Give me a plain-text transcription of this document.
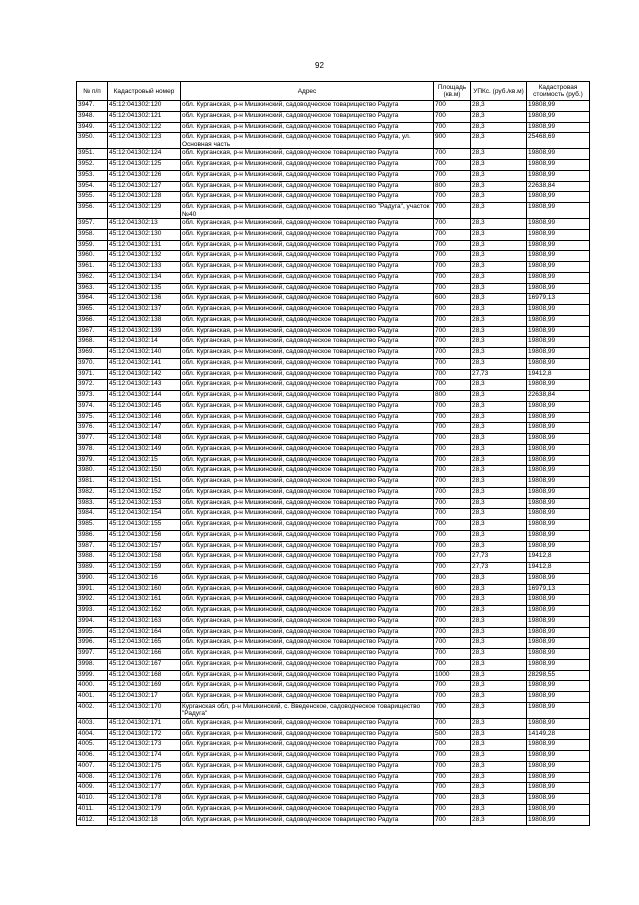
92
№ п/п	Кадастровый номер	Адрес	Площадь (кв.м)	УПКс. (руб./кв.м)	Кадастровая стоимость (руб.)
3947.	45:12:041302:120	обл. Курганская, р-н Мишкинский, садоводческое товарищество Радуга	700	28,3	19808,99
3948.	45:12:041302:121	обл. Курганская, р-н Мишкинский, садоводческое товарищество Радуга	700	28,3	19808,99
3949.	45:12:041302:122	обл. Курганская, р-н Мишкинский, садоводческое товарищество Радуга	700	28,3	19808,99
3950.	45:12:041302:123	обл. Курганская, р-н Мишкинский, садоводческое товарищество Радуга, ул. Основная часть	900	28,3	25468,69
3951.	45:12:041302:124	обл. Курганская, р-н Мишкинский, садоводческое товарищество Радуга	700	28,3	19808,99
3952.	45:12:041302:125	обл. Курганская, р-н Мишкинский, садоводческое товарищество Радуга	700	28,3	19808,99
3953.	45:12:041302:126	обл. Курганская, р-н Мишкинский, садоводческое товарищество Радуга	700	28,3	19808,99
3954.	45:12:041302:127	обл. Курганская, р-н Мишкинский, садоводческое товарищество Радуга	800	28,3	22638,84
3955.	45:12:041302:128	обл. Курганская, р-н Мишкинский, садоводческое товарищество Радуга	700	28,3	19808,99
3956.	45:12:041302:129	обл. Курганская, р-н Мишкинский, садоводческое товарищество "Радуга", участок №40	700	28,3	19808,99
3957.	45:12:041302:13	обл. Курганская, р-н Мишкинский, садоводческое товарищество Радуга	700	28,3	19808,99
3958.	45:12:041302:130	обл. Курганская, р-н Мишкинский, садоводческое товарищество Радуга	700	28,3	19808,99
3959.	45:12:041302:131	обл. Курганская, р-н Мишкинский, садоводческое товарищество Радуга	700	28,3	19808,99
3960.	45:12:041302:132	обл. Курганская, р-н Мишкинский, садоводческое товарищество Радуга	700	28,3	19808,99
3961.	45:12:041302:133	обл. Курганская, р-н Мишкинский, садоводческое товарищество Радуга	700	28,3	19808,99
3962.	45:12:041302:134	обл. Курганская, р-н Мишкинский, садоводческое товарищество Радуга	700	28,3	19808,99
3963.	45:12:041302:135	обл. Курганская, р-н Мишкинский, садоводческое товарищество Радуга	700	28,3	19808,99
3964.	45:12:041302:136	обл. Курганская, р-н Мишкинский, садоводческое товарищество Радуга	600	28,3	16979,13
3965.	45:12:041302:137	обл. Курганская, р-н Мишкинский, садоводческое товарищество Радуга	700	28,3	19808,99
3966.	45:12:041302:138	обл. Курганская, р-н Мишкинский, садоводческое товарищество Радуга	700	28,3	19808,99
3967.	45:12:041302:139	обл. Курганская, р-н Мишкинский, садоводческое товарищество Радуга	700	28,3	19808,99
3968.	45:12:041302:14	обл. Курганская, р-н Мишкинский, садоводческое товарищество Радуга	700	28,3	19808,99
3969.	45:12:041302:140	обл. Курганская, р-н Мишкинский, садоводческое товарищество Радуга	700	28,3	19808,99
3970.	45:12:041302:141	обл. Курганская, р-н Мишкинский, садоводческое товарищество Радуга	700	28,3	19808,99
3971.	45:12:041302:142	обл. Курганская, р-н Мишкинский, садоводческое товарищество Радуга	700	27,73	19412,8
3972.	45:12:041302:143	обл. Курганская, р-н Мишкинский, садоводческое товарищество Радуга	700	28,3	19808,99
3973.	45:12:041302:144	обл. Курганская, р-н Мишкинский, садоводческое товарищество Радуга	800	28,3	22638,84
3974.	45:12:041302:145	обл. Курганская, р-н Мишкинский, садоводческое товарищество Радуга	700	28,3	19808,99
3975.	45:12:041302:146	обл. Курганская, р-н Мишкинский, садоводческое товарищество Радуга	700	28,3	19808,99
3976.	45:12:041302:147	обл. Курганская, р-н Мишкинский, садоводческое товарищество Радуга	700	28,3	19808,99
3977.	45:12:041302:148	обл. Курганская, р-н Мишкинский, садоводческое товарищество Радуга	700	28,3	19808,99
3978.	45:12:041302:149	обл. Курганская, р-н Мишкинский, садоводческое товарищество Радуга	700	28,3	19808,99
3979.	45:12:041302:15	обл. Курганская, р-н Мишкинский, садоводческое товарищество Радуга	700	28,3	19808,99
3980.	45:12:041302:150	обл. Курганская, р-н Мишкинский, садоводческое товарищество Радуга	700	28,3	19808,99
3981.	45:12:041302:151	обл. Курганская, р-н Мишкинский, садоводческое товарищество Радуга	700	28,3	19808,99
3982.	45:12:041302:152	обл. Курганская, р-н Мишкинский, садоводческое товарищество Радуга	700	28,3	19808,99
3983.	45:12:041302:153	обл. Курганская, р-н Мишкинский, садоводческое товарищество Радуга	700	28,3	19808,99
3984.	45:12:041302:154	обл. Курганская, р-н Мишкинский, садоводческое товарищество Радуга	700	28,3	19808,99
3985.	45:12:041302:155	обл. Курганская, р-н Мишкинский, садоводческое товарищество Радуга	700	28,3	19808,99
3986.	45:12:041302:156	обл. Курганская, р-н Мишкинский, садоводческое товарищество Радуга	700	28,3	19808,99
3987.	45:12:041302:157	обл. Курганская, р-н Мишкинский, садоводческое товарищество Радуга	700	28,3	19808,99
3988.	45:12:041302:158	обл. Курганская, р-н Мишкинский, садоводческое товарищество Радуга	700	27,73	19412,8
3989.	45:12:041302:159	обл. Курганская, р-н Мишкинский, садоводческое товарищество Радуга	700	27,73	19412,8
3990.	45:12:041302:16	обл. Курганская, р-н Мишкинский, садоводческое товарищество Радуга	700	28,3	19808,99
3991.	45:12:041302:160	обл. Курганская, р-н Мишкинский, садоводческое товарищество Радуга	600	28,3	16979,13
3992.	45:12:041302:161	обл. Курганская, р-н Мишкинский, садоводческое товарищество Радуга	700	28,3	19808,99
3993.	45:12:041302:162	обл. Курганская, р-н Мишкинский, садоводческое товарищество Радуга	700	28,3	19808,99
3994.	45:12:041302:163	обл. Курганская, р-н Мишкинский, садоводческое товарищество Радуга	700	28,3	19808,99
3995.	45:12:041302:164	обл. Курганская, р-н Мишкинский, садоводческое товарищество Радуга	700	28,3	19808,99
3996.	45:12:041302:165	обл. Курганская, р-н Мишкинский, садоводческое товарищество Радуга	700	28,3	19808,99
3997.	45:12:041302:166	обл. Курганская, р-н Мишкинский, садоводческое товарищество Радуга	700	28,3	19808,99
3998.	45:12:041302:167	обл. Курганская, р-н Мишкинский, садоводческое товарищество Радуга	700	28,3	19808,99
3999.	45:12:041302:168	обл. Курганская, р-н Мишкинский, садоводческое товарищество Радуга	1000	28,3	28298,55
4000.	45:12:041302:169	обл. Курганская, р-н Мишкинский, садоводческое товарищество Радуга	700	28,3	19808,99
4001.	45:12:041302:17	обл. Курганская, р-н Мишкинский, садоводческое товарищество Радуга	700	28,3	19808,99
4002.	45:12:041302:170	Курганская обл, р-н Мишкинский, с. Введенское, садоводческое товарищество "Радуга"	700	28,3	19808,99
4003.	45:12:041302:171	обл. Курганская, р-н Мишкинский, садоводческое товарищество Радуга	700	28,3	19808,99
4004.	45:12:041302:172	обл. Курганская, р-н Мишкинский, садоводческое товарищество Радуга	500	28,3	14149,28
4005.	45:12:041302:173	обл. Курганская, р-н Мишкинский, садоводческое товарищество Радуга	700	28,3	19808,99
4006.	45:12:041302:174	обл. Курганская, р-н Мишкинский, садоводческое товарищество Радуга	700	28,3	19808,99
4007.	45:12:041302:175	обл. Курганская, р-н Мишкинский, садоводческое товарищество Радуга	700	28,3	19808,99
4008.	45:12:041302:176	обл. Курганская, р-н Мишкинский, садоводческое товарищество Радуга	700	28,3	19808,99
4009.	45:12:041302:177	обл. Курганская, р-н Мишкинский, садоводческое товарищество Радуга	700	28,3	19808,99
4010.	45:12:041302:178	обл. Курганская, р-н Мишкинский, садоводческое товарищество Радуга	700	28,3	19808,99
4011.	45:12:041302:179	обл. Курганская, р-н Мишкинский, садоводческое товарищество Радуга	700	28,3	19808,99
4012.	45:12:041302:18	обл. Курганская, р-н Мишкинский, садоводческое товарищество Радуга	700	28,3	19808,99
